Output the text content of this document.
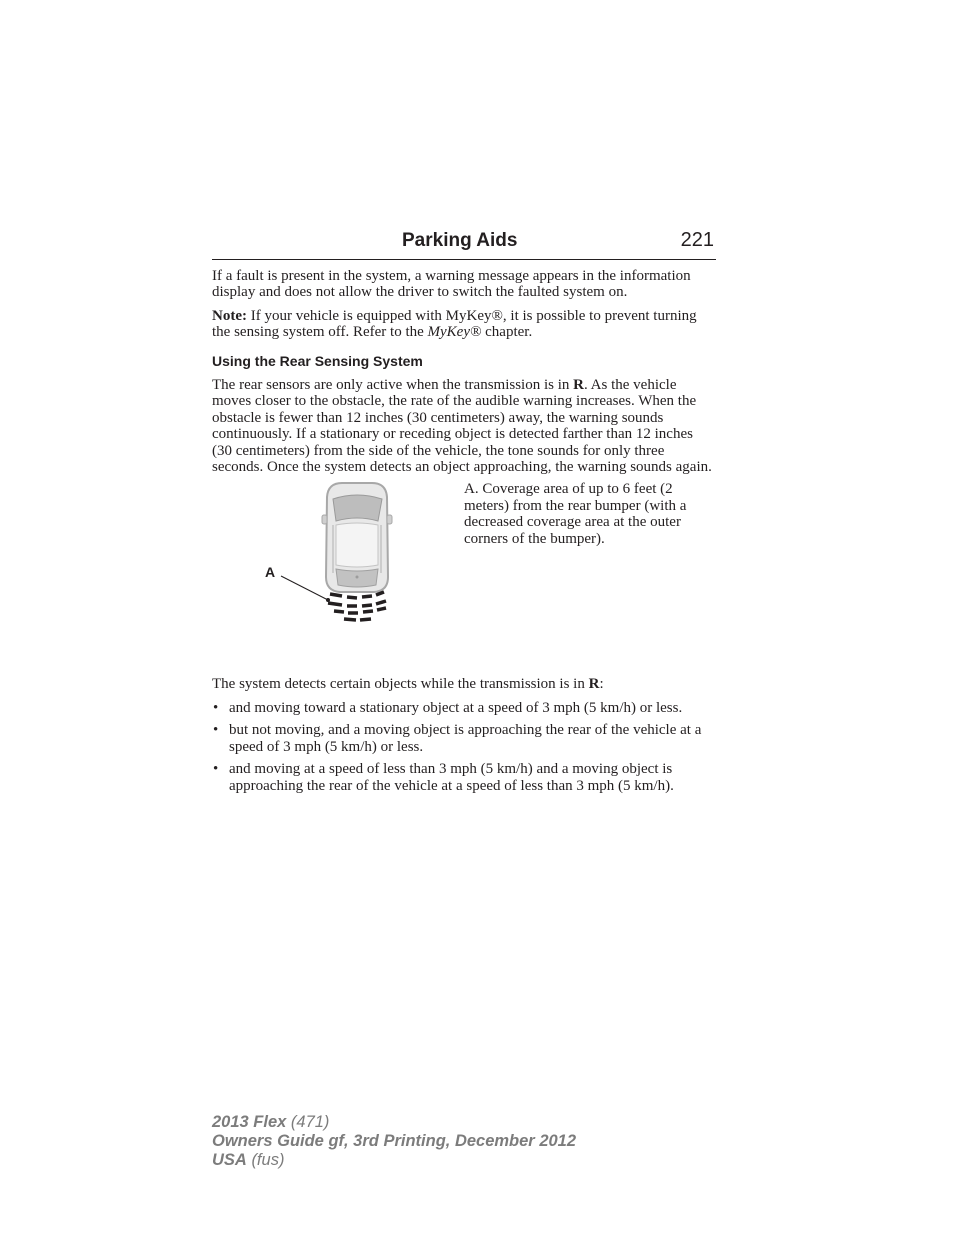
Parking Aids	221

If a fault is present in the system, a warning message appears in the information display and does not allow the driver to switch the faulted system on.

Note: If your vehicle is equipped with MyKey®, it is possible to prevent turning the sensing system off. Refer to the MyKey® chapter.

Using the Rear Sensing System

The rear sensors are only active when the transmission is in R. As the vehicle moves closer to the obstacle, the rate of the audible warning increases. When the obstacle is fewer than 12 inches (30 centimeters) away, the warning sounds continuously. If a stationary or receding object is detected farther than 12 inches (30 centimeters) from the side of the vehicle, the tone sounds for only three seconds. Once the system detects an object approaching, the warning sounds again.

A
A. Coverage area of up to 6 feet (2 meters) from the rear bumper (with a decreased coverage area at the outer corners of the bumper).

The system detects certain objects while the transmission is in R:

• and moving toward a stationary object at a speed of 3 mph (5 km/h) or less.
• but not moving, and a moving object is approaching the rear of the vehicle at a speed of 3 mph (5 km/h) or less.
• and moving at a speed of less than 3 mph (5 km/h) and a moving object is approaching the rear of the vehicle at a speed of less than 3 mph (5 km/h).
2013 Flex (471)
Owners Guide gf, 3rd Printing, December 2012
USA (fus)
